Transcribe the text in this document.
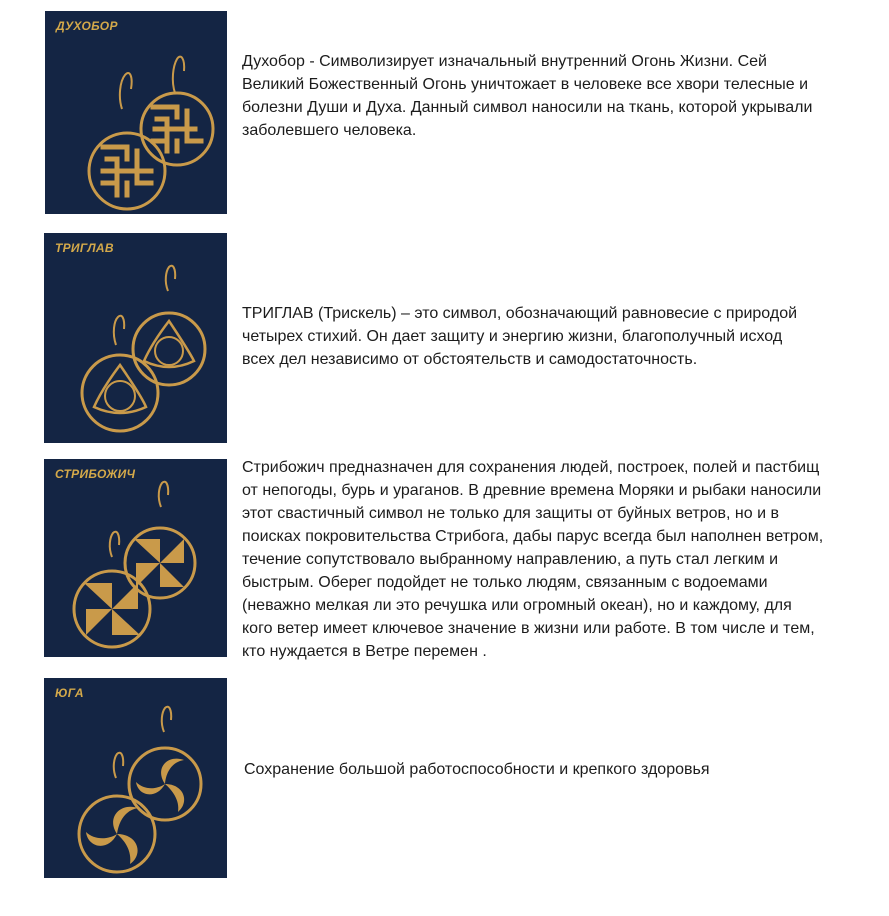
ДУХОБОР
Духобор - Символизирует изначальный внутренний Огонь Жизни. Сей
Великий Божественный Огонь уничтожает в человеке все хвори телесные и
болезни Души и Духа. Данный символ наносили на ткань, которой укрывали
заболевшего человека.
ТРИГЛАВ
ТРИГЛАВ (Трискель) – это символ, обозначающий равновесие с природой
четырех стихий. Он дает защиту и энергию жизни, благополучный исход
всех дел независимо от обстоятельств и самодостаточность.
СТРИБОЖИЧ	Стрибожич предназначен для сохранения людей, построек, полей и пастбищ
от непогоды, бурь и ураганов. В древние времена Моряки и рыбаки наносили
этот свастичный символ не только для защиты от буйных ветров, но и в
поисках покровительства Стрибога, дабы парус всегда был наполнен ветром,
течение сопутствовало выбранному направлению, а путь стал легким и
быстрым. Оберег подойдет не только людям, связанным с водоемами
(неважно мелкая ли это речушка или огромный океан), но и каждому, для
кого ветер имеет ключевое значение в жизни или работе. В том числе и тем,
кто нуждается в Ветре перемен .
ЮГА
Сохранение большой работоспособности и крепкого здоровья
